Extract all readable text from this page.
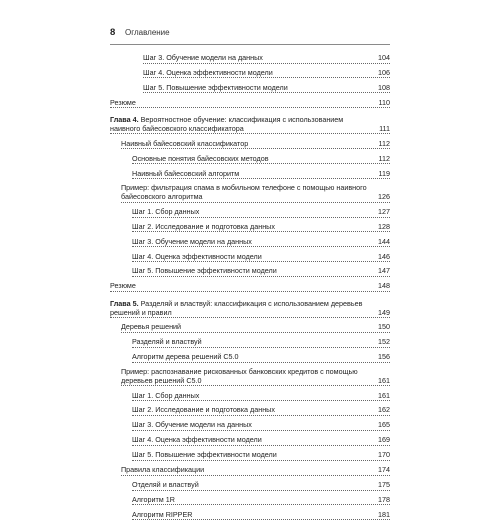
8 Оглавление
Шаг 3. Обучение модели на данных	104
Шаг 4. Оценка эффективности модели	106
Шаг 5. Повышение эффективности модели	108
Резюме	110
Глава 4. Вероятностное обучение: классификация с использованием наивного байесовского классификатора	111
Наивный байесовский классификатор	112
Основные понятия байесовских методов	112
Наивный байесовский алгоритм	119
Пример: фильтрация спама в мобильном телефоне с помощью наивного байесовского алгоритма	126
Шаг 1. Сбор данных	127
Шаг 2. Исследование и подготовка данных	128
Шаг 3. Обучение модели на данных	144
Шаг 4. Оценка эффективности модели	146
Шаг 5. Повышение эффективности модели	147
Резюме	148
Глава 5. Разделяй и властвуй: классификация с использованием деревьев решений и правил	149
Деревья решений	150
Разделяй и властвуй	152
Алгоритм дерева решений C5.0	156
Пример: распознавание рискованных банковских кредитов с помощью деревьев решений C5.0	161
Шаг 1. Сбор данных	161
Шаг 2. Исследование и подготовка данных	162
Шаг 3. Обучение модели на данных	165
Шаг 4. Оценка эффективности модели	169
Шаг 5. Повышение эффективности модели	170
Правила классификации	174
Отделяй и властвуй	175
Алгоритм 1R	178
Алгоритм RIPPER	181
